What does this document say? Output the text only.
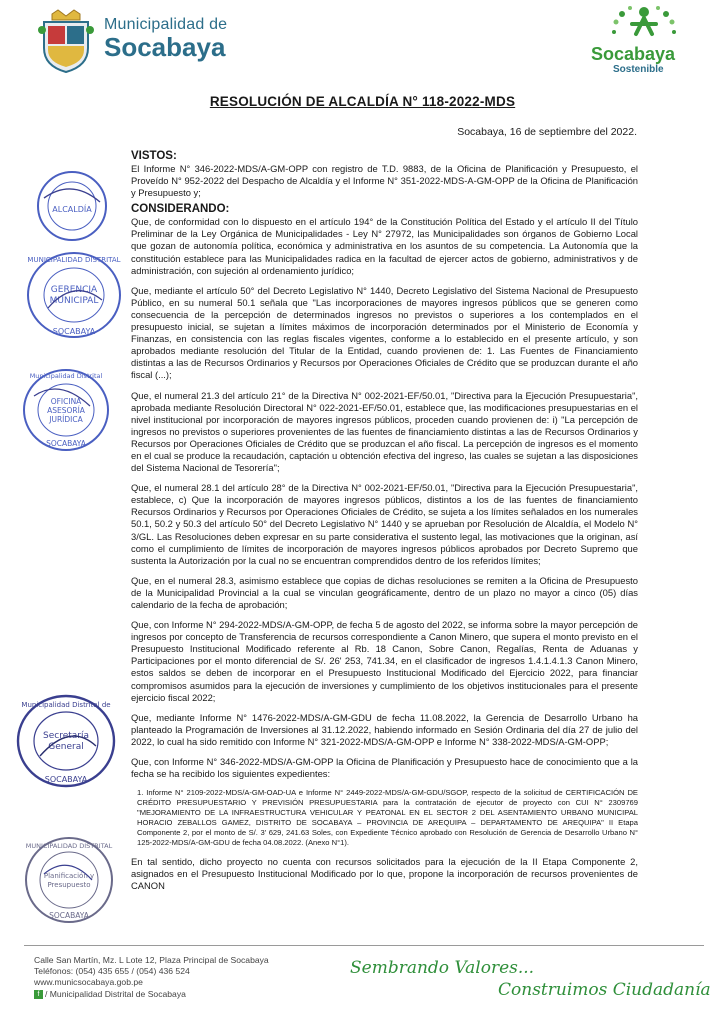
Municipalidad de
Socabaya	Socabaya
Sostenible
RESOLUCIÓN DE ALCALDÍA N° 118-2022-MDS
Socabaya, 16 de septiembre del 2022.
VISTOS:

El Informe N° 346-2022-MDS/A-GM-OPP con registro de T.D. 9883, de la Oficina de Planificación y Presupuesto, el Proveído N° 952-2022 del Despacho de Alcaldía y el Informe N° 351-2022-MDS-A-GM-OPP de la Oficina de Planificación y Presupuesto y;

CONSIDERANDO:

Que, de conformidad con lo dispuesto en el artículo 194° de la Constitución Política del Estado y el artículo II del Título Preliminar de la Ley Orgánica de Municipalidades - Ley N° 27972, las Municipalidades son órganos de Gobierno Local que gozan de autonomía política, económica y administrativa en los asuntos de su competencia. La Autonomía que la constitución establece para las Municipalidades radica en la facultad de ejercer actos de gobierno, administrativos y de administración, con sujeción al ordenamiento jurídico;

Que, mediante el artículo 50° del Decreto Legislativo N° 1440, Decreto Legislativo del Sistema Nacional de Presupuesto Público, en su numeral 50.1 señala que "Las incorporaciones de mayores ingresos públicos que se generen como consecuencia de la percepción de determinados ingresos no previstos o superiores a los contemplados en el presupuesto inicial, se sujetan a límites máximos de incorporación determinados por el Ministerio de Economía y Finanzas, en consistencia con las reglas fiscales vigentes, conforme a lo establecido en el presente artículo, y son aprobados mediante resolución del Titular de la Entidad, cuando provienen de: 1. Las Fuentes de Financiamiento distintas a las de Recursos Ordinarios y Recursos por Operaciones Oficiales de Crédito que se produzcan durante el año fiscal (...);

Que, el numeral 21.3 del artículo 21° de la Directiva N° 002-2021-EF/50.01, "Directiva para la Ejecución Presupuestaria", aprobada mediante Resolución Directoral N° 022-2021-EF/50.01, establece que, las modificaciones presupuestarias en el nivel institucional por incorporación de mayores ingresos públicos, proceden cuando provienen de: i) "La percepción de ingresos no previstos o superiores provenientes de las fuentes de financiamiento distintas a las de Recursos Ordinarios y Recursos por Operaciones Oficiales de Crédito que se produzcan el año fiscal. La percepción de ingresos es el momento en el cual se produce la recaudación, captación u obtención efectiva del ingreso, las cuales se sujetan a las disposiciones del Sistema Nacional de Tesorería";

Que, el numeral 28.1 del artículo 28° de la Directiva N° 002-2021-EF/50.01, "Directiva para la Ejecución Presupuestaria", establece, c) Que la incorporación de mayores ingresos públicos, distintos a los de las fuentes de financiamiento Recursos Ordinarios y Recursos por Operaciones Oficiales de Crédito, se sujeta a los límites señalados en los numerales 50.1, 50.2 y 50.3 del artículo 50° del Decreto Legislativo N° 1440 y se aprueban por Resolución de Alcaldía, el Modelo N° 3/GL. Las Resoluciones deben expresar en su parte considerativa el sustento legal, las motivaciones que la originan, así como el cumplimiento de límites de incorporación de mayores ingresos públicos aprobados por Decreto Supremo que sustenta la Autorización por la cual no se encuentran comprendidos dentro de los referidos límites;

Que, en el numeral 28.3, asimismo establece que copias de dichas resoluciones se remiten a la Oficina de Presupuesto de la Municipalidad Provincial a la cual se vinculan geográficamente, dentro de un plazo no mayor a cinco (05) días calendario de la fecha de aprobación;

Que, con Informe N° 294-2022-MDS/A-GM-OPP, de fecha 5 de agosto del 2022, se informa sobre la mayor percepción de ingresos por concepto de Transferencia de recursos correspondiente a Canon Minero, que supera el monto previsto en el Presupuesto Institucional Modificado referente al Rb. 18 Canon, Sobre Canon, Regalías, Renta de Aduanas y Participaciones por el monto diferencial de S/. 26' 253, 741.34, en el clasificador de ingresos 1.4.1.4.1.3 Canon Minero, estos saldos se deben de incorporar en el Presupuesto Institucional Modificado del Ejercicio 2022, para financiar compromisos asumidos para la ejecución de inversiones y cumplimiento de los objetivos institucionales para el presente ejercicio fiscal 2022;

Que, mediante Informe N° 1476-2022-MDS/A-GM-GDU de fecha 11.08.2022, la Gerencia de Desarrollo Urbano ha planteado la Programación de Inversiones al 31.12.2022, habiendo informado en Sesión Ordinaria del día 27 de julio del 2022, lo cual ha sido remitido con Informe N° 321-2022-MDS/A-GM-OPP e Informe N° 338-2022-MDS/A-GM-OPP;

Que, con Informe N° 346-2022-MDS/A-GM-OPP la Oficina de Planificación y Presupuesto hace de conocimiento que a la fecha se ha recibido los siguientes expedientes:

1. Informe N° 2109-2022-MDS/A-GM-OAD-UA e Informe N° 2449-2022-MDS/A-GM-GDU/SGOP, respecto de la solicitud de CERTIFICACIÓN DE CRÉDITO PRESUPUESTARIO Y PREVISIÓN PRESUPUESTARIA para la contratación de ejecutor de proyecto con CUI N° 2309769 "MEJORAMIENTO DE LA INFRAESTRUCTURA VEHICULAR Y PEATONAL EN EL SECTOR 2 DEL ASENTAMIENTO URBANO MUNICIPAL HORACIO ZEBALLOS GAMEZ, DISTRITO DE SOCABAYA – PROVINCIA DE AREQUIPA – DEPARTAMENTO DE AREQUIPA" II Etapa Componente 2, por el monto de S/. 3' 629, 241.63 Soles, con Expediente Técnico aprobado con Resolución de Gerencia de Desarrollo Urbano N° 125-2022-MDS/A-GM-GDU de fecha 04.08.2022. (Anexo N°1).

En tal sentido, dicho proyecto no cuenta con recursos solicitados para la ejecución de la II Etapa Componente 2, asignados en el Presupuesto Institucional Modificado por lo que, propone la incorporación de recursos provenientes de CANON

ALCALDÍA
MUNICIPALIDAD DISTRITAL
GERENCIA
MUNICIPAL
SOCABAYA
Municipalidad Distrital
OFICINA
ASESORÍA
JURÍDICA
SOCABAYA
Municipalidad Distrital de
Secretaría
General
SOCABAYA
MUNICIPALIDAD DISTRITAL
Planificación y
Presupuesto
SOCABAYA
Calle San Martín, Mz. L Lote 12, Plaza Principal de Socabaya
Teléfonos: (054) 435 655 / (054) 436 524
www.municsocabaya.gob.pe
f / Municipalidad Distrital de Socabaya
Sembrando Valores...
Construimos Ciudadanía
